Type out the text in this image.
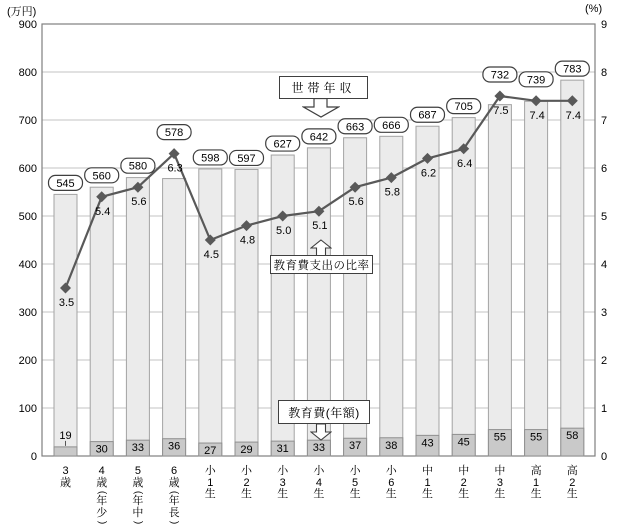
19
30 33 36 27 29 31 33 37 38 43 45 55 55 58
3.5
5.4
5.6
6.3
4.5
4.8
5.0 5.1
5.6
5.8
6.2
6.4
7.5 7.4 7.4
545
560
580
578
598 597
627
642
663 666
687
705
732 739
783
0
100
200
300
400
500
600
700
800
900
0
1
2
3
4
5
6
7
8
9
(万円)	(%)
世帯年収
教育費支出の比率
教育費(年額)
3
歳
4
歳
(
年
少
)
5
歳
(
年
中
)
6
歳
(
年
長
)
小
1
生
小
2
生
小
3
生
小
4
生
小
5
生
小
6
生
中
1
生
中
2
生
中
3
生
高
1
生
高
2
生
